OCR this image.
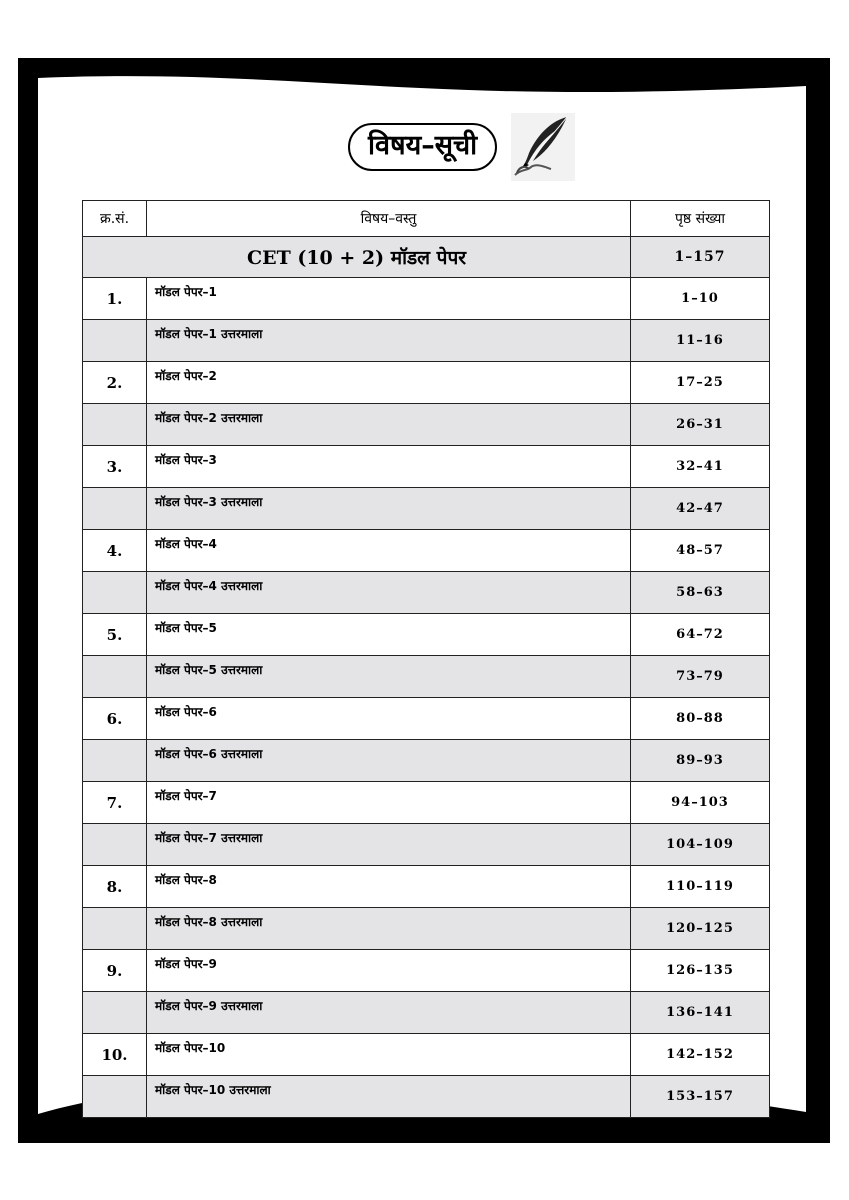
विषय–सूची
क्र.सं.	विषय–वस्तु	पृष्ठ संख्या
CET (10 + 2) मॉडल पेपर		1–157
1.	मॉडल पेपर–1	1–10
	मॉडल पेपर–1 उत्तरमाला	11–16
2.	मॉडल पेपर–2	17–25
	मॉडल पेपर–2 उत्तरमाला	26–31
3.	मॉडल पेपर–3	32–41
	मॉडल पेपर–3 उत्तरमाला	42–47
4.	मॉडल पेपर–4	48–57
	मॉडल पेपर–4 उत्तरमाला	58–63
5.	मॉडल पेपर–5	64–72
	मॉडल पेपर–5 उत्तरमाला	73–79
6.	मॉडल पेपर–6	80–88
	मॉडल पेपर–6 उत्तरमाला	89–93
7.	मॉडल पेपर–7	94–103
	मॉडल पेपर–7 उत्तरमाला	104–109
8.	मॉडल पेपर–8	110–119
	मॉडल पेपर–8 उत्तरमाला	120–125
9.	मॉडल पेपर–9	126–135
	मॉडल पेपर–9 उत्तरमाला	136–141
10.	मॉडल पेपर–10	142–152
	मॉडल पेपर–10 उत्तरमाला	153–157
